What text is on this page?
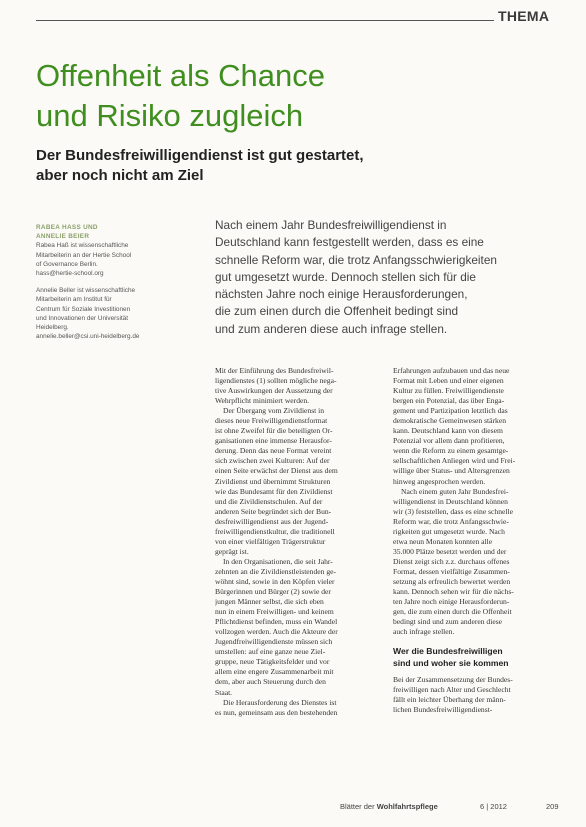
THEMA
Offenheit als Chance
und Risiko zugleich
Der Bundesfreiwilligendienst ist gut gestartet,
aber noch nicht am Ziel
RABEA HASS UND
ANNELIE BEIER
Rabea Haß ist wissenschaftliche
Mitarbeiterin an der Hertie School
of Governance Berlin.
hass@hertie-school.org
Annelie Beller ist wissenschaftliche
Mitarbeiterin am Institut für
Centrum für Soziale Investitionen
und Innovationen der Universität
Heidelberg.
annelie.beller@csi.uni-heidelberg.de

Nach einem Jahr Bundesfreiwilligendienst in
Deutschland kann festgestellt werden, dass es eine
schnelle Reform war, die trotz Anfangsschwierigkeiten
gut umgesetzt wurde. Dennoch stellen sich für die
nächsten Jahre noch einige Herausforderungen,
die zum einen durch die Offenheit bedingt sind
und zum anderen diese auch infrage stellen.

Mit der Einführung des Bundesfreiwil-
ligendienstes (1) sollten mögliche nega-
tive Auswirkungen der Aussetzung der
Wehrpflicht minimiert werden.
Der Übergang vom Zivildienst in
dieses neue Freiwilligendienstformat
ist ohne Zweifel für die beteiligten Or-
ganisationen eine immense Herausfor-
derung. Denn das neue Format vereint
sich zwischen zwei Kulturen: Auf der
einen Seite erwächst der Dienst aus dem
Zivildienst und übernimmt Strukturen
wie das Bundesamt für den Zivildienst
und die Zivildienstschulen. Auf der
anderen Seite begründet sich der Bun-
desfreiwilligendienst aus der Jugend-
freiwilligendienstkultur, die traditionell
von einer vielfältigen Trägerstruktur
geprägt ist.
In den Organisationen, die seit Jahr-
zehnten an die Zivildienstleistenden ge-
wöhnt sind, sowie in den Köpfen vieler
Bürgerinnen und Bürger (2) sowie der
jungen Männer selbst, die sich eben
nun in einem Freiwilligen- und keinem
Pflichtdienst befinden, muss ein Wandel
vollzogen werden. Auch die Akteure der
Jugendfreiwilligendienste müssen sich
umstellen: auf eine ganze neue Ziel-
gruppe, neue Tätigkeitsfelder und vor
allem eine engere Zusammenarbeit mit
dem, aber auch Steuerung durch den
Staat.
Die Herausforderung des Dienstes ist
es nun, gemeinsam aus den bestehenden
Erfahrungen aufzubauen und das neue
Format mit Leben und einer eigenen
Kultur zu füllen. Freiwilligendienste
bergen ein Potenzial, das über Enga-
gement und Partizipation letztlich das
demokratische Gemeinwesen stärken
kann. Deutschland kann von diesem
Potenzial vor allem dann profitieren,
wenn die Reform zu einem gesamtge-
sellschaftlichen Anliegen wird und Frei-
willige über Status- und Altersgrenzen
hinweg angesprochen werden.
Nach einem guten Jahr Bundesfrei-
willigendienst in Deutschland können
wir (3) feststellen, dass es eine schnelle
Reform war, die trotz Anfangsschwie-
rigkeiten gut umgesetzt wurde. Nach
etwa neun Monaten konnten alle
35.000 Plätze besetzt werden und der
Dienst zeigt sich z.z. durchaus offenes
Format, dessen vielfältige Zusammen-
setzung als erfreulich bewertet werden
kann. Dennoch sehen wir für die nächs-
ten Jahre noch einige Herausforderun-
gen, die zum einen durch die Offenheit
bedingt sind und zum anderen diese
auch infrage stellen.
Wer die Bundesfreiwilligen
sind und woher sie kommen
Bei der Zusammensetzung der Bundes-
freiwilligen nach Alter und Geschlecht
fällt ein leichter Überhang der männ-
lichen Bundesfreiwilligendienst-
Blätter der Wohlfahrtspflege	6 | 2012	209
